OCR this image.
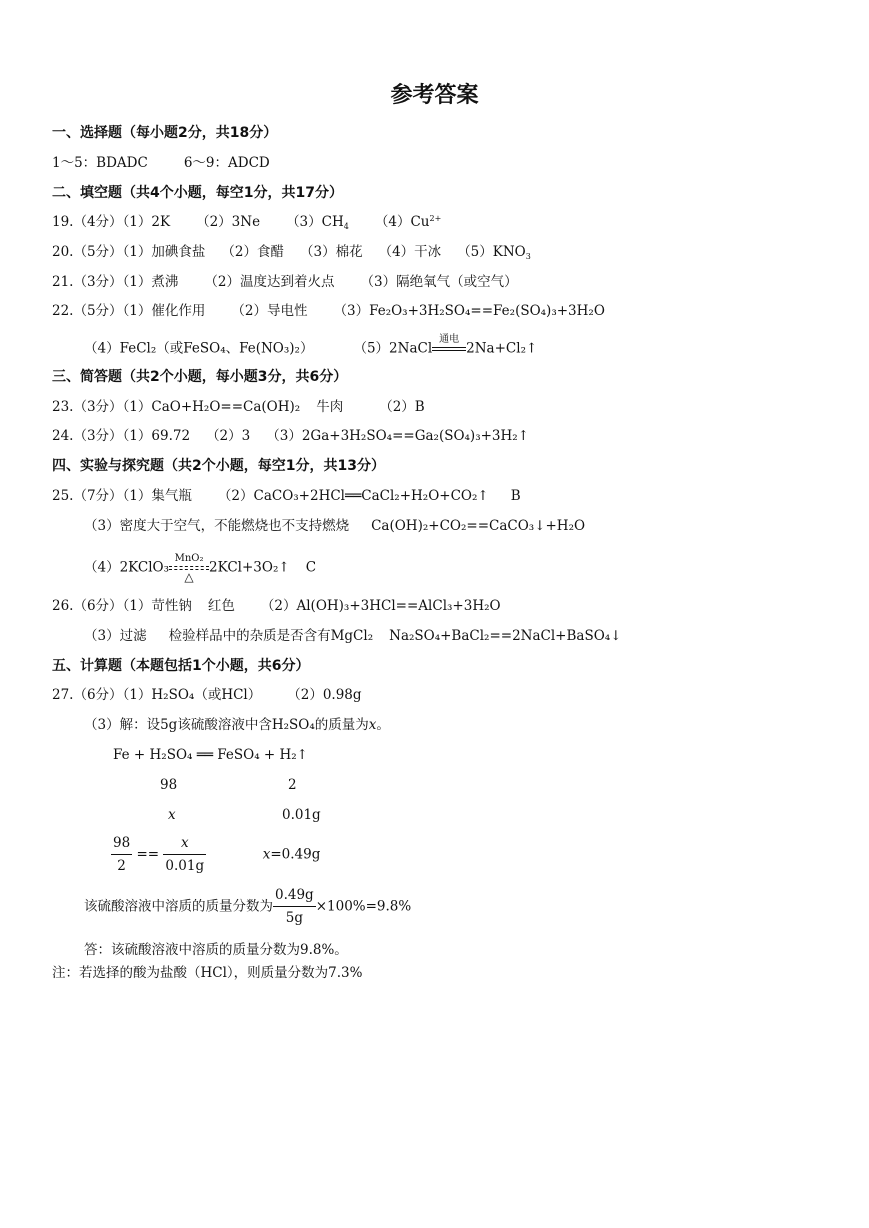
参考答案
一、选择题（每小题2分，共18分）
1～5：BDADC	6～9：ADCD
二、填空题（共4个小题，每空1分，共17分）
19.（4分）（1）2K （2）3Ne $(3)CH_4$ $(4)Cu^{2+}$
20.（5分）（1）加碘食盐 （2）食醋 （3）棉花 （4）干冰 $(5)KNO_3$
21.（3分）（1）煮沸 （2）温度达到着火点 （3）隔绝氧气（或空气）
22.（5分）（1）催化作用 （2）导电性 （3）Fe₂O₃+3H₂SO₄==Fe₂(SO₄)₃+3H₂O
（4）FeCl₂（或FeSO₄、Fe(NO₃)₂）	（5）2NaCl
通电

2Na+Cl₂↑
三、简答题（共2个小题，每小题3分，共6分）
23.（3分）（1）CaO+H₂O==Ca(OH)₂ 牛肉	（2）B
24.（3分）（1）69.72 （2）3 （3）2Ga+3H₂SO₄==Ga₂(SO₄)₃+3H₂↑
四、实验与探究题（共2个小题，每空1分，共13分）
25.（7分）（1）集气瓶 （2）CaCO₃+2HCl══CaCl₂+H₂O+CO₂↑ B
（3）密度大于空气，不能燃烧也不支持燃烧 Ca(OH)₂+CO₂==CaCO₃↓+H₂O
（4）2KClO₃
MnO₂
△
2KCl+3O₂↑ C
26.（6分）（1）苛性钠 红色 （2）Al(OH)₃+3HCl==AlCl₃+3H₂O
（3）过滤 检验样品中的杂质是否含有MgCl₂ Na₂SO₄+BaCl₂==2NaCl+BaSO₄↓
五、计算题（本题包括1个小题，共6分）
27.（6分）（1）H₂SO₄（或HCl） （2）0.98g
（3）解：设5g该硫酸溶液中含H₂SO₄的质量为x。
Fe + H₂SO₄ ══ FeSO₄ + H₂↑
98	2
x	0.01g
$\frac{98}{2} == \frac{x}{0.01g}$	x=0.49g
该硫酸溶液中溶质的质量分数为 $\frac{0.49g}{5g} \times 100\%=9.8\%$
答：该硫酸溶液中溶质的质量分数为9.8%。
注：若选择的酸为盐酸（HCl），则质量分数为7.3%
